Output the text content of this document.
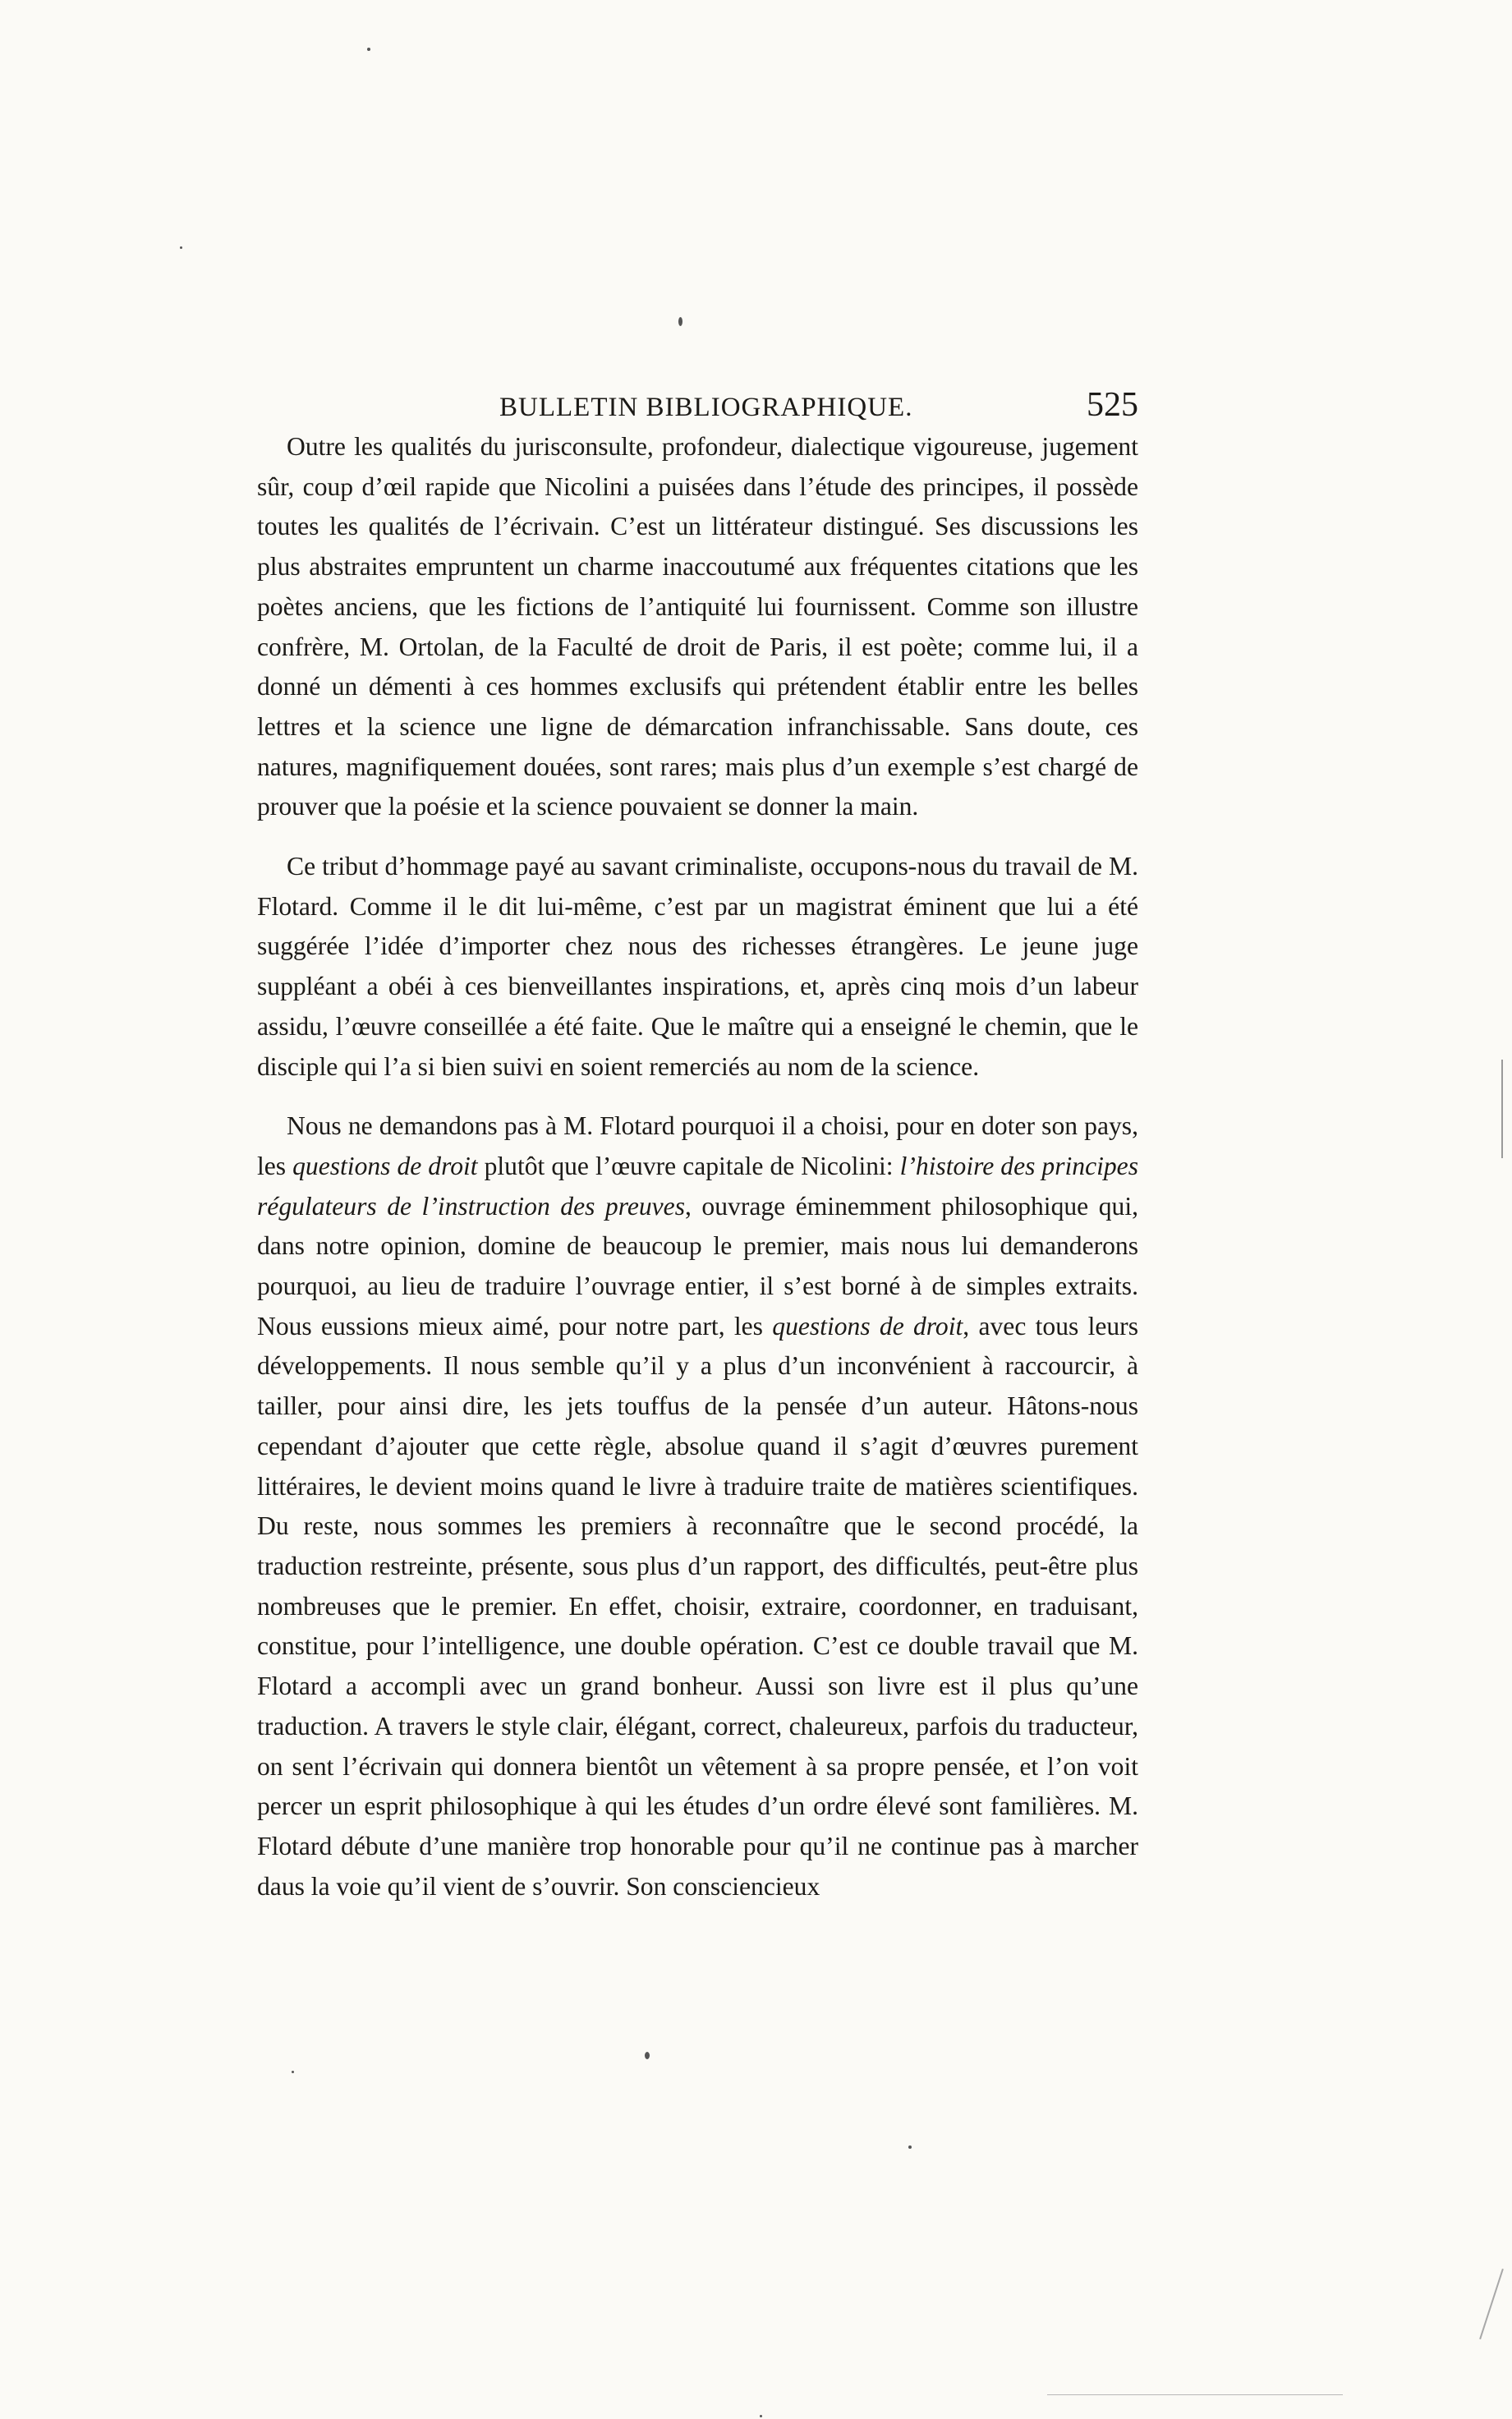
BULLETIN BIBLIOGRAPHIQUE.	525

Outre les qualités du jurisconsulte, profondeur, dialectique vigoureuse, jugement sûr, coup d’œil rapide que Nicolini a puisées dans l’étude des principes, il possède toutes les qualités de l’écrivain. C’est un littérateur distingué. Ses discussions les plus abstraites empruntent un charme inaccoutumé aux fréquentes citations que les poètes anciens, que les fictions de l’antiquité lui fournissent. Comme son illustre confrère, M. Ortolan, de la Faculté de droit de Paris, il est poète; comme lui, il a donné un démenti à ces hommes exclusifs qui prétendent établir entre les belles lettres et la science une ligne de démarcation infranchissable. Sans doute, ces natures, magnifiquement douées, sont rares; mais plus d’un exemple s’est chargé de prouver que la poésie et la science pouvaient se donner la main.

Ce tribut d’hommage payé au savant criminaliste, occupons-nous du travail de M. Flotard. Comme il le dit lui-même, c’est par un magistrat éminent que lui a été suggérée l’idée d’importer chez nous des richesses étrangères. Le jeune juge suppléant a obéi à ces bienveillantes inspirations, et, après cinq mois d’un labeur assidu, l’œuvre conseillée a été faite. Que le maître qui a enseigné le chemin, que le disciple qui l’a si bien suivi en soient remerciés au nom de la science.

Nous ne demandons pas à M. Flotard pourquoi il a choisi, pour en doter son pays, les questions de droit plutôt que l’œuvre capitale de Nicolini: l’histoire des principes régulateurs de l’instruction des preuves, ouvrage éminemment philosophique qui, dans notre opinion, domine de beaucoup le premier, mais nous lui demanderons pourquoi, au lieu de traduire l’ouvrage entier, il s’est borné à de simples extraits. Nous eussions mieux aimé, pour notre part, les questions de droit, avec tous leurs développements. Il nous semble qu’il y a plus d’un inconvénient à raccourcir, à tailler, pour ainsi dire, les jets touffus de la pensée d’un auteur. Hâtons-nous cependant d’ajouter que cette règle, absolue quand il s’agit d’œuvres purement littéraires, le devient moins quand le livre à traduire traite de matières scientifiques. Du reste, nous sommes les premiers à reconnaître que le second procédé, la traduction restreinte, présente, sous plus d’un rapport, des difficultés, peut-être plus nombreuses que le premier. En effet, choisir, extraire, coordonner, en traduisant, constitue, pour l’intelligence, une double opération. C’est ce double travail que M. Flotard a accompli avec un grand bonheur. Aussi son livre est il plus qu’une traduction. A travers le style clair, élégant, correct, chaleureux, parfois du traducteur, on sent l’écrivain qui donnera bientôt un vêtement à sa propre pensée, et l’on voit percer un esprit philosophique à qui les études d’un ordre élevé sont familières. M. Flotard débute d’une manière trop honorable pour qu’il ne continue pas à marcher daus la voie qu’il vient de s’ouvrir. Son consciencieux
